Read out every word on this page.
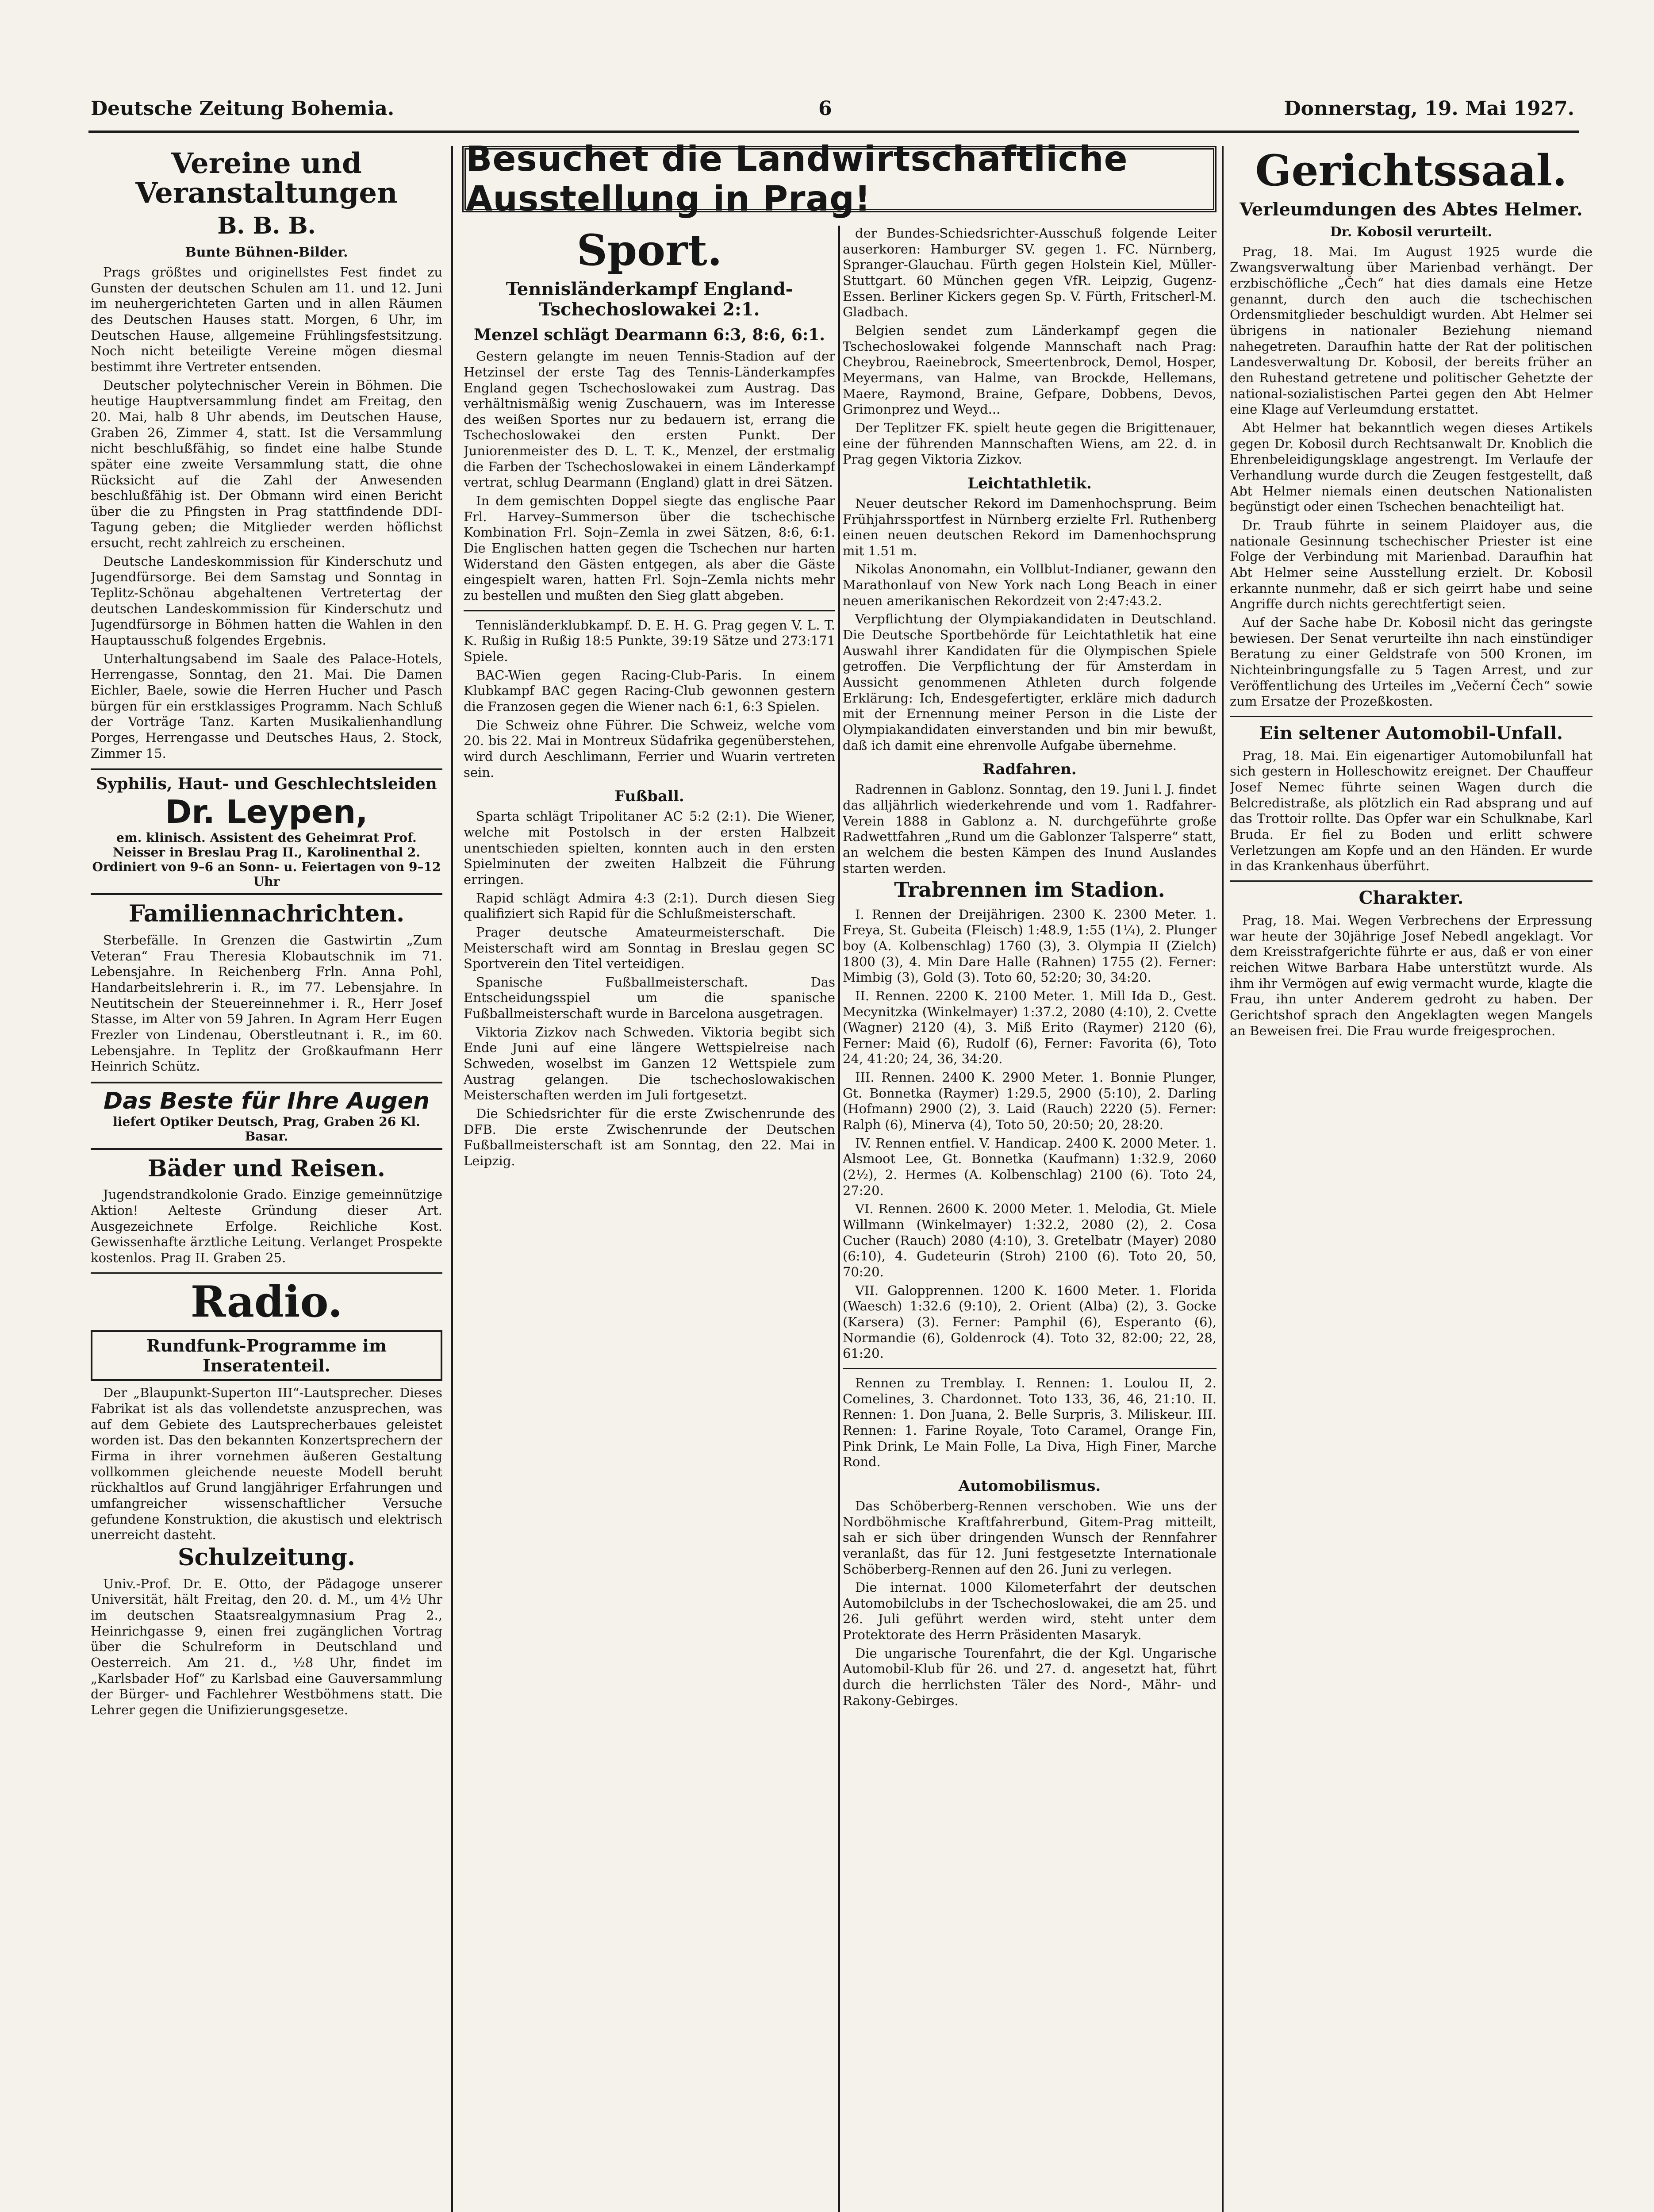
Deutsche Zeitung Bohemia.	6	Donnerstag, 19. Mai 1927.
Besuchet die Landwirtschaftliche Ausstellung in Prag!
Vereine und Veranstaltungen
B. B. B.
Bunte Bühnen-Bilder.

Prags größtes und originellstes Fest findet zu Gunsten der deutschen Schulen am 11. und 12. Juni im neuhergerichteten Garten und in allen Räumen des Deutschen Hauses statt. Morgen, 6 Uhr, im Deutschen Hause, allgemeine Frühlingsfestsitzung. Noch nicht beteiligte Vereine mögen diesmal bestimmt ihre Vertreter entsenden.

Deutscher polytechnischer Verein in Böhmen. Die heutige Hauptversammlung findet am Freitag, den 20. Mai, halb 8 Uhr abends, im Deutschen Hause, Graben 26, Zimmer 4, statt. Ist die Versammlung nicht beschlußfähig, so findet eine halbe Stunde später eine zweite Versammlung statt, die ohne Rücksicht auf die Zahl der Anwesenden beschlußfähig ist. Der Obmann wird einen Bericht über die zu Pfingsten in Prag stattfindende DDI-Tagung geben; die Mitglieder werden höflichst ersucht, recht zahlreich zu erscheinen.

Deutsche Landeskommission für Kinderschutz und Jugendfürsorge. Bei dem Samstag und Sonntag in Teplitz-Schönau abgehaltenen Vertretertag der deutschen Landeskommission für Kinderschutz und Jugendfürsorge in Böhmen hatten die Wahlen in den Hauptausschuß folgendes Ergebnis.

Unterhaltungsabend im Saale des Palace-Hotels, Herrengasse, Sonntag, den 21. Mai. Die Damen Eichler, Baele, sowie die Herren Hucher und Pasch bürgen für ein erstklassiges Programm. Nach Schluß der Vorträge Tanz. Karten Musikalienhandlung Porges, Herrengasse und Deutsches Haus, 2. Stock, Zimmer 15.

Syphilis, Haut- und Geschlechtsleiden
Dr. Leypen,
em. klinisch. Assistent des Geheimrat Prof. Neisser in Breslau Prag II., Karolinenthal 2.
Ordiniert von 9–6 an Sonn- u. Feiertagen von 9–12 Uhr
Familiennachrichten.

Sterbefälle. In Grenzen die Gastwirtin „Zum Veteran“ Frau Theresia Klobautschnik im 71. Lebensjahre. In Reichenberg Frln. Anna Pohl, Handarbeitslehrerin i. R., im 77. Lebensjahre. In Neutitschein der Steuereinnehmer i. R., Herr Josef Stasse, im Alter von 59 Jahren. In Agram Herr Eugen Frezler von Lindenau, Oberstleutnant i. R., im 60. Lebensjahre. In Teplitz der Großkaufmann Herr Heinrich Schütz.

Das Beste für Ihre Augen
liefert Optiker Deutsch, Prag, Graben 26 Kl. Basar.
Bäder und Reisen.

Jugendstrandkolonie Grado. Einzige gemeinnützige Aktion! Aelteste Gründung dieser Art. Ausgezeichnete Erfolge. Reichliche Kost. Gewissenhafte ärztliche Leitung. Verlanget Prospekte kostenlos. Prag II. Graben 25.

Radio.
Rundfunk-Programme im Inseratenteil.

Der „Blaupunkt-Superton III“-Lautsprecher. Dieses Fabrikat ist als das vollendetste anzusprechen, was auf dem Gebiete des Lautsprecherbaues geleistet worden ist. Das den bekannten Konzertsprechern der Firma in ihrer vornehmen äußeren Gestaltung vollkommen gleichende neueste Modell beruht rückhaltlos auf Grund langjähriger Erfahrungen und umfangreicher wissenschaftlicher Versuche gefundene Konstruktion, die akustisch und elektrisch unerreicht dasteht.

Schulzeitung.

Univ.-Prof. Dr. E. Otto, der Pädagoge unserer Universität, hält Freitag, den 20. d. M., um 4½ Uhr im deutschen Staatsrealgymnasium Prag 2., Heinrichgasse 9, einen frei zugänglichen Vortrag über die Schulreform in Deutschland und Oesterreich. Am 21. d., ½8 Uhr, findet im „Karlsbader Hof“ zu Karlsbad eine Gauversammlung der Bürger- und Fachlehrer Westböhmens statt. Die Lehrer gegen die Unifizierungsgesetze.

Sport.
Tennisländerkampf England-Tschechoslowakei 2:1.
Menzel schlägt Dearmann 6:3, 8:6, 6:1.

Gestern gelangte im neuen Tennis-Stadion auf der Hetzinsel der erste Tag des Tennis-Länderkampfes England gegen Tschechoslowakei zum Austrag. Das verhältnismäßig wenig Zuschauern, was im Interesse des weißen Sportes nur zu bedauern ist, errang die Tschechoslowakei den ersten Punkt. Der Juniorenmeister des D. L. T. K., Menzel, der erstmalig die Farben der Tschechoslowakei in einem Länderkampf vertrat, schlug Dearmann (England) glatt in drei Sätzen.

In dem gemischten Doppel siegte das englische Paar Frl. Harvey–Summerson über die tschechische Kombination Frl. Sojn–Zemla in zwei Sätzen, 8:6, 6:1. Die Englischen hatten gegen die Tschechen nur harten Widerstand den Gästen entgegen, als aber die Gäste eingespielt waren, hatten Frl. Sojn–Zemla nichts mehr zu bestellen und mußten den Sieg glatt abgeben.

Tennisländerklubkampf. D. E. H. G. Prag gegen V. L. T. K. Rußig in Rußig 18:5 Punkte, 39:19 Sätze und 273:171 Spiele.

BAC-Wien gegen Racing-Club-Paris. In einem Klubkampf BAC gegen Racing-Club gewonnen gestern die Franzosen gegen die Wiener nach 6:1, 6:3 Spielen.

Die Schweiz ohne Führer. Die Schweiz, welche vom 20. bis 22. Mai in Montreux Südafrika gegenüberstehen, wird durch Aeschlimann, Ferrier und Wuarin vertreten sein.

Fußball.

Sparta schlägt Tripolitaner AC 5:2 (2:1). Die Wiener, welche mit Postolsch in der ersten Halbzeit unentschieden spielten, konnten auch in den ersten Spielminuten der zweiten Halbzeit die Führung erringen.

Rapid schlägt Admira 4:3 (2:1). Durch diesen Sieg qualifiziert sich Rapid für die Schlußmeisterschaft.

Prager deutsche Amateurmeisterschaft. Die Meisterschaft wird am Sonntag in Breslau gegen SC Sportverein den Titel verteidigen.

Spanische Fußballmeisterschaft. Das Entscheidungsspiel um die spanische Fußballmeisterschaft wurde in Barcelona ausgetragen.

Viktoria Zizkov nach Schweden. Viktoria begibt sich Ende Juni auf eine längere Wettspielreise nach Schweden, woselbst im Ganzen 12 Wettspiele zum Austrag gelangen. Die tschechoslowakischen Meisterschaften werden im Juli fortgesetzt.

Die Schiedsrichter für die erste Zwischenrunde des DFB. Die erste Zwischenrunde der Deutschen Fußballmeisterschaft ist am Sonntag, den 22. Mai in Leipzig.

der Bundes-Schiedsrichter-Ausschuß folgende Leiter auserkoren: Hamburger SV. gegen 1. FC. Nürnberg, Spranger-Glauchau. Fürth gegen Holstein Kiel, Müller-Stuttgart. 60 München gegen VfR. Leipzig, Gugenz-Essen. Berliner Kickers gegen Sp. V. Fürth, Fritscherl-M. Gladbach.

Belgien sendet zum Länderkampf gegen die Tschechoslowakei folgende Mannschaft nach Prag: Cheybrou, Raeinebrock, Smeertenbrock, Demol, Hosper, Meyermans, van Halme, van Brockde, Hellemans, Maere, Raymond, Braine, Gefpare, Dobbens, Devos, Grimonprez und Weyd...

Der Teplitzer FK. spielt heute gegen die Brigittenauer, eine der führenden Mannschaften Wiens, am 22. d. in Prag gegen Viktoria Zizkov.

Leichtathletik.

Neuer deutscher Rekord im Damenhochsprung. Beim Frühjahrssportfest in Nürnberg erzielte Frl. Ruthenberg einen neuen deutschen Rekord im Damenhochsprung mit 1.51 m.

Nikolas Anonomahn, ein Vollblut-Indianer, gewann den Marathonlauf von New York nach Long Beach in einer neuen amerikanischen Rekordzeit von 2:47:43.2.

Verpflichtung der Olympiakandidaten in Deutschland. Die Deutsche Sportbehörde für Leichtathletik hat eine Auswahl ihrer Kandidaten für die Olympischen Spiele getroffen. Die Verpflichtung der für Amsterdam in Aussicht genommenen Athleten durch folgende Erklärung: Ich, Endesgefertigter, erkläre mich dadurch mit der Ernennung meiner Person in die Liste der Olympiakandidaten einverstanden und bin mir bewußt, daß ich damit eine ehrenvolle Aufgabe übernehme.

Radfahren.

Radrennen in Gablonz. Sonntag, den 19. Juni l. J. findet das alljährlich wiederkehrende und vom 1. Radfahrer-Verein 1888 in Gablonz a. N. durchgeführte große Radwettfahren „Rund um die Gablonzer Talsperre“ statt, an welchem die besten Kämpen des Inund Auslandes starten werden.

Trabrennen im Stadion.

I. Rennen der Dreijährigen. 2300 K. 2300 Meter. 1. Freya, St. Gubeita (Fleisch) 1:48.9, 1:55 (1¼), 2. Plunger boy (A. Kolbenschlag) 1760 (3), 3. Olympia II (Zielch) 1800 (3), 4. Min Dare Halle (Rahnen) 1755 (2). Ferner: Mimbig (3), Gold (3). Toto 60, 52:20; 30, 34:20.

II. Rennen. 2200 K. 2100 Meter. 1. Mill Ida D., Gest. Mecynitzka (Winkelmayer) 1:37.2, 2080 (4:10), 2. Cvette (Wagner) 2120 (4), 3. Miß Erito (Raymer) 2120 (6), Ferner: Maid (6), Rudolf (6), Ferner: Favorita (6), Toto 24, 41:20; 24, 36, 34:20.

III. Rennen. 2400 K. 2900 Meter. 1. Bonnie Plunger, Gt. Bonnetka (Raymer) 1:29.5, 2900 (5:10), 2. Darling (Hofmann) 2900 (2), 3. Laid (Rauch) 2220 (5). Ferner: Ralph (6), Minerva (4), Toto 50, 20:50; 20, 28:20.

IV. Rennen entfiel. V. Handicap. 2400 K. 2000 Meter. 1. Alsmoot Lee, Gt. Bonnetka (Kaufmann) 1:32.9, 2060 (2½), 2. Hermes (A. Kolbenschlag) 2100 (6). Toto 24, 27:20.

VI. Rennen. 2600 K. 2000 Meter. 1. Melodia, Gt. Miele Willmann (Winkelmayer) 1:32.2, 2080 (2), 2. Cosa Cucher (Rauch) 2080 (4:10), 3. Gretelbatr (Mayer) 2080 (6:10), 4. Gudeteurin (Stroh) 2100 (6). Toto 20, 50, 70:20.

VII. Galopprennen. 1200 K. 1600 Meter. 1. Florida (Waesch) 1:32.6 (9:10), 2. Orient (Alba) (2), 3. Gocke (Karsera) (3). Ferner: Pamphil (6), Esperanto (6), Normandie (6), Goldenrock (4). Toto 32, 82:00; 22, 28, 61:20.

Rennen zu Tremblay. I. Rennen: 1. Loulou II, 2. Comelines, 3. Chardonnet. Toto 133, 36, 46, 21:10. II. Rennen: 1. Don Juana, 2. Belle Surpris, 3. Miliskeur. III. Rennen: 1. Farine Royale, Toto Caramel, Orange Fin, Pink Drink, Le Main Folle, La Diva, High Finer, Marche Rond.

Automobilismus.

Das Schöberberg-Rennen verschoben. Wie uns der Nordböhmische Kraftfahrerbund, Gitem-Prag mitteilt, sah er sich über dringenden Wunsch der Rennfahrer veranlaßt, das für 12. Juni festgesetzte Internationale Schöberberg-Rennen auf den 26. Juni zu verlegen.

Die internat. 1000 Kilometerfahrt der deutschen Automobilclubs in der Tschechoslowakei, die am 25. und 26. Juli geführt werden wird, steht unter dem Protektorate des Herrn Präsidenten Masaryk.

Die ungarische Tourenfahrt, die der Kgl. Ungarische Automobil-Klub für 26. und 27. d. angesetzt hat, führt durch die herrlichsten Täler des Nord-, Mähr- und Rakony-Gebirges.

Gerichtssaal.
Verleumdungen des Abtes Helmer.
Dr. Kobosil verurteilt.

Prag, 18. Mai. Im August 1925 wurde die Zwangsverwaltung über Marienbad verhängt. Der erzbischöfliche „Čech“ hat dies damals eine Hetze genannt, durch den auch die tschechischen Ordensmitglieder beschuldigt wurden. Abt Helmer sei übrigens in nationaler Beziehung niemand nahegetreten. Daraufhin hatte der Rat der politischen Landesverwaltung Dr. Kobosil, der bereits früher an den Ruhestand getretene und politischer Gehetzte der national-sozialistischen Partei gegen den Abt Helmer eine Klage auf Verleumdung erstattet.

Abt Helmer hat bekanntlich wegen dieses Artikels gegen Dr. Kobosil durch Rechtsanwalt Dr. Knoblich die Ehrenbeleidigungsklage angestrengt. Im Verlaufe der Verhandlung wurde durch die Zeugen festgestellt, daß Abt Helmer niemals einen deutschen Nationalisten begünstigt oder einen Tschechen benachteiligt hat.

Dr. Traub führte in seinem Plaidoyer aus, die nationale Gesinnung tschechischer Priester ist eine Folge der Verbindung mit Marienbad. Daraufhin hat Abt Helmer seine Ausstellung erzielt. Dr. Kobosil erkannte nunmehr, daß er sich geirrt habe und seine Angriffe durch nichts gerechtfertigt seien.

Auf der Sache habe Dr. Kobosil nicht das geringste bewiesen. Der Senat verurteilte ihn nach einstündiger Beratung zu einer Geldstrafe von 500 Kronen, im Nichteinbringungsfalle zu 5 Tagen Arrest, und zur Veröffentlichung des Urteiles im „Večerní Čech“ sowie zum Ersatze der Prozeßkosten.

Ein seltener Automobil-Unfall.

Prag, 18. Mai. Ein eigenartiger Automobilunfall hat sich gestern in Holleschowitz ereignet. Der Chauffeur Josef Nemec führte seinen Wagen durch die Belcredistraße, als plötzlich ein Rad absprang und auf das Trottoir rollte. Das Opfer war ein Schulknabe, Karl Bruda. Er fiel zu Boden und erlitt schwere Verletzungen am Kopfe und an den Händen. Er wurde in das Krankenhaus überführt.

Charakter.

Prag, 18. Mai. Wegen Verbrechens der Erpressung war heute der 30jährige Josef Nebedl angeklagt. Vor dem Kreisstrafgerichte führte er aus, daß er von einer reichen Witwe Barbara Habe unterstützt wurde. Als ihm ihr Vermögen auf ewig vermacht wurde, klagte die Frau, ihn unter Anderem gedroht zu haben. Der Gerichtshof sprach den Angeklagten wegen Mangels an Beweisen frei. Die Frau wurde freigesprochen.
